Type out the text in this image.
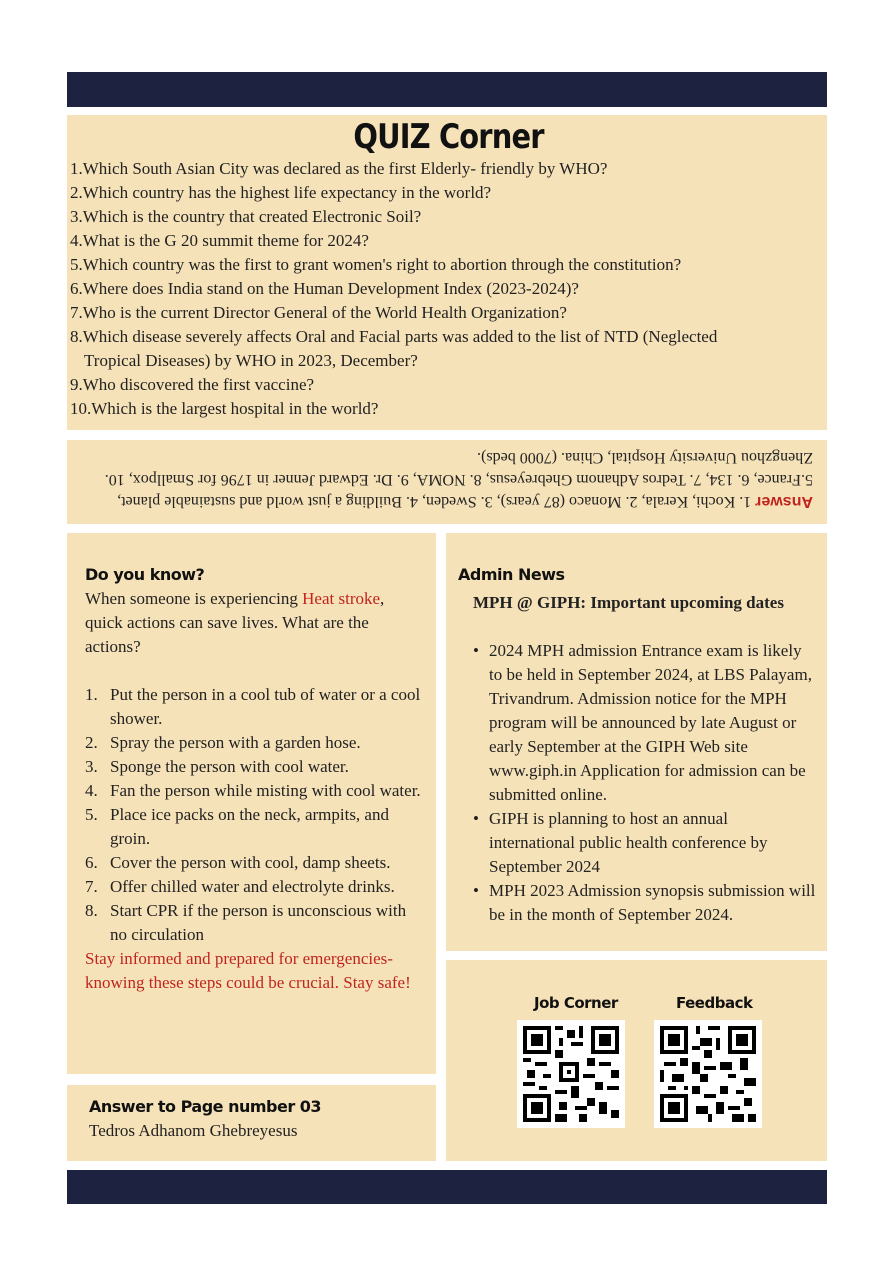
QUIZ Corner
1.Which South Asian City was declared as the first Elderly- friendly by WHO?
2.Which country has the highest life expectancy in the world?
3.Which is the country that created Electronic Soil?
4.What is the G 20 summit theme for 2024?
5.Which country was the first to grant women's right to abortion through the constitution?
6.Where does India stand on the Human Development Index (2023-2024)?
7.Who is the current Director General of the World Health Organization?
8.Which disease severely affects Oral and Facial parts was added to the list of NTD (Neglected
Tropical Diseases) by WHO in 2023, December?
9.Who discovered the first vaccine?
10.Which is the largest hospital in the world?
Answer 1. Kochi, Kerala, 2. Monaco (87 years), 3. Sweden, 4. Building a just world and sustainable planet, 5.France, 6. 134, 7. Tedros Adhanom Ghebreyesus, 8. NOMA, 9. Dr. Edward Jenner in 1796 for Smallpox, 10. Zhengzhou University Hospital, China. (7000 beds).
Do you know?

When someone is experiencing Heat stroke, quick actions can save lives. What are the actions?

1. Put the person in a cool tub of water or a cool shower.
2. Spray the person with a garden hose.
3. Sponge the person with cool water.
4. Fan the person while misting with cool water.
5. Place ice packs on the neck, armpits, and groin.
6. Cover the person with cool, damp sheets.
7. Offer chilled water and electrolyte drinks.
8. Start CPR if the person is unconscious with no circulation

Stay informed and prepared for emergencies- knowing these steps could be crucial. Stay safe!

Admin News
MPH @ GIPH: Important upcoming dates
• 2024 MPH admission Entrance exam is likely to be held in September 2024, at LBS Palayam, Trivandrum. Admission notice for the MPH program will be announced by late August or early September at the GIPH Web site www.giph.in Application for admission can be submitted online.
• GIPH is planning to host an annual international public health conference by September 2024
• MPH 2023 Admission synopsis submission will be in the month of September 2024.
Job Corner	Feedback
Answer to Page number 03

Tedros Adhanom Ghebreyesus
